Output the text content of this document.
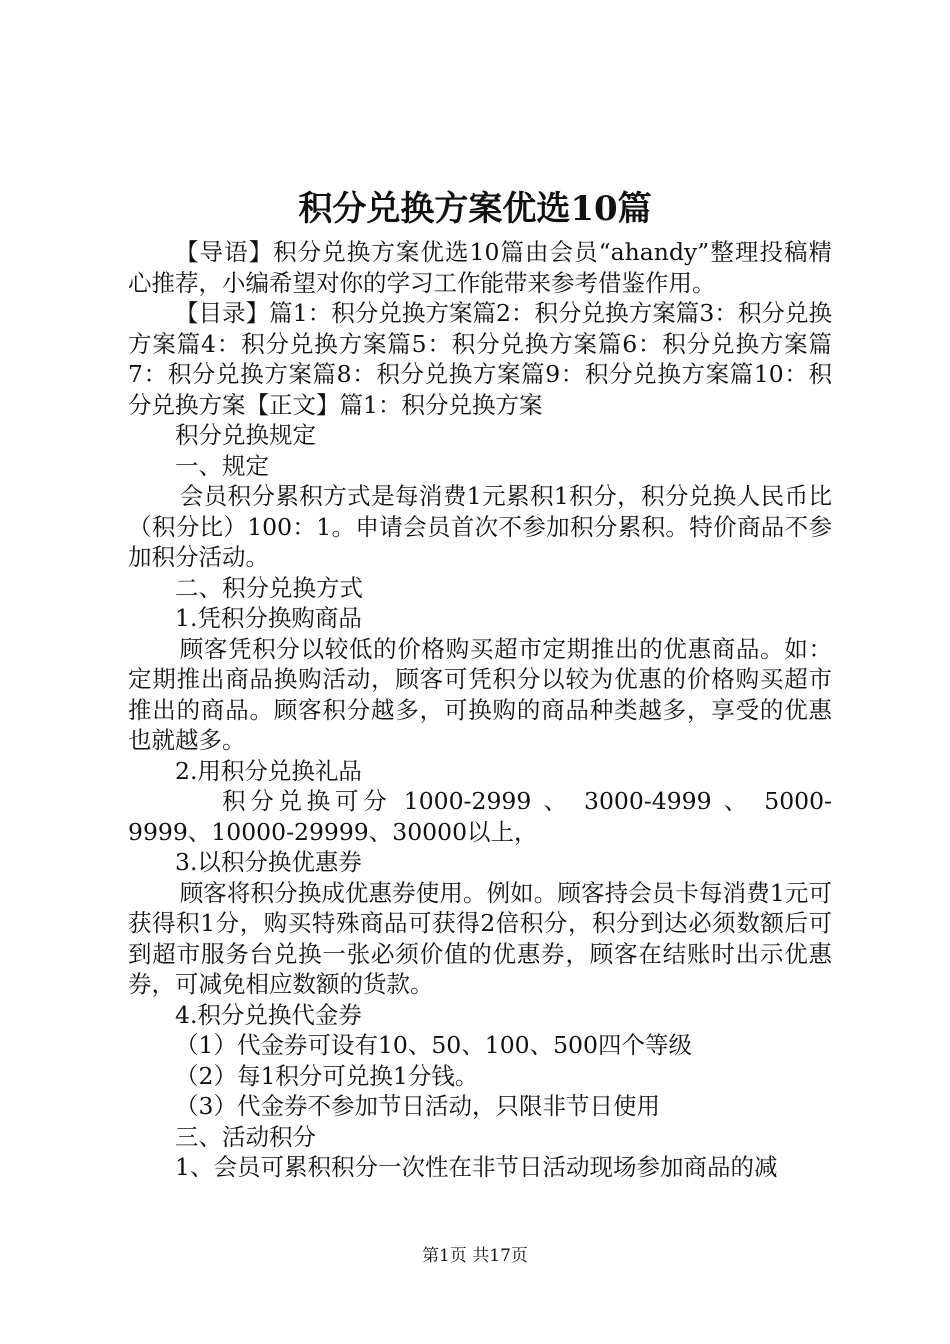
积分兑换方案优选10篇

【导语】积分兑换方案优选10篇由会员“ahandy”整理投稿精心推荐，小编希望对你的学习工作能带来参考借鉴作用。

【目录】篇1：积分兑换方案篇2：积分兑换方案篇3：积分兑换方案篇4：积分兑换方案篇5：积分兑换方案篇6：积分兑换方案篇7：积分兑换方案篇8：积分兑换方案篇9：积分兑换方案篇10：积分兑换方案【正文】篇1：积分兑换方案

积分兑换规定

一、规定

会员积分累积方式是每消费1元累积1积分，积分兑换人民币比（积分比）100：1。申请会员首次不参加积分累积。特价商品不参加积分活动。

二、积分兑换方式

1.凭积分换购商品

顾客凭积分以较低的价格购买超市定期推出的优惠商品。如：定期推出商品换购活动，顾客可凭积分以较为优惠的价格购买超市推出的商品。顾客积分越多，可换购的商品种类越多，享受的优惠也就越多。

2.用积分兑换礼品

积分兑换可分 1000-2999 、 3000-4999 、 5000-9999、10000-29999、30000以上，

3.以积分换优惠券

顾客将积分换成优惠券使用。例如。顾客持会员卡每消费1元可获得积1分，购买特殊商品可获得2倍积分，积分到达必须数额后可到超市服务台兑换一张必须价值的优惠券，顾客在结账时出示优惠券，可减免相应数额的货款。

4.积分兑换代金券

（1）代金券可设有10、50、100、500四个等级

（2）每1积分可兑换1分钱。

（3）代金券不参加节日活动，只限非节日使用

三、活动积分

1、会员可累积积分一次性在非节日活动现场参加商品的减

第1页 共17页
